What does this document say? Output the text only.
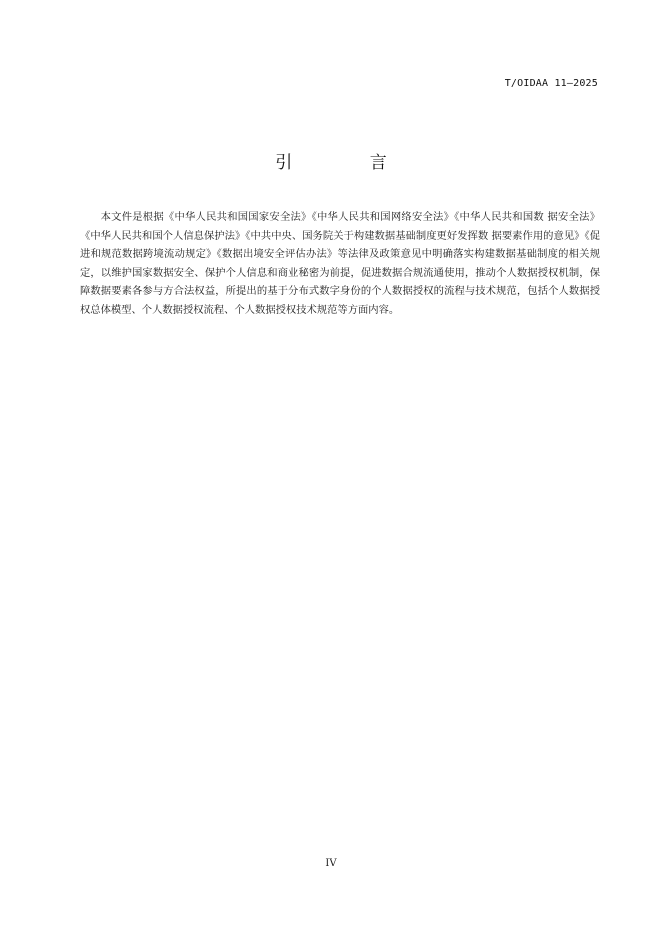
T/OIDAA 11—2025
引 言

本文件是根据《中华人民共和国国家安全法》《中华人民共和国网络安全法》《中华人民共和国数 据安全法》《中华人民共和国个人信息保护法》《中共中央、国务院关于构建数据基础制度更好发挥数 据要素作用的意见》《促进和规范数据跨境流动规定》《数据出境安全评估办法》等法律及政策意见中明确落实构建数据基础制度的相关规定，以维护国家数据安全、保护个人信息和商业秘密为前提，促进数据合规流通使用，推动个人数据授权机制，保障数据要素各参与方合法权益，所提出的基于分布式数字身份的个人数据授权的流程与技术规范，包括个人数据授权总体模型、个人数据授权流程、个人数据授权技术规范等方面内容。

IV
